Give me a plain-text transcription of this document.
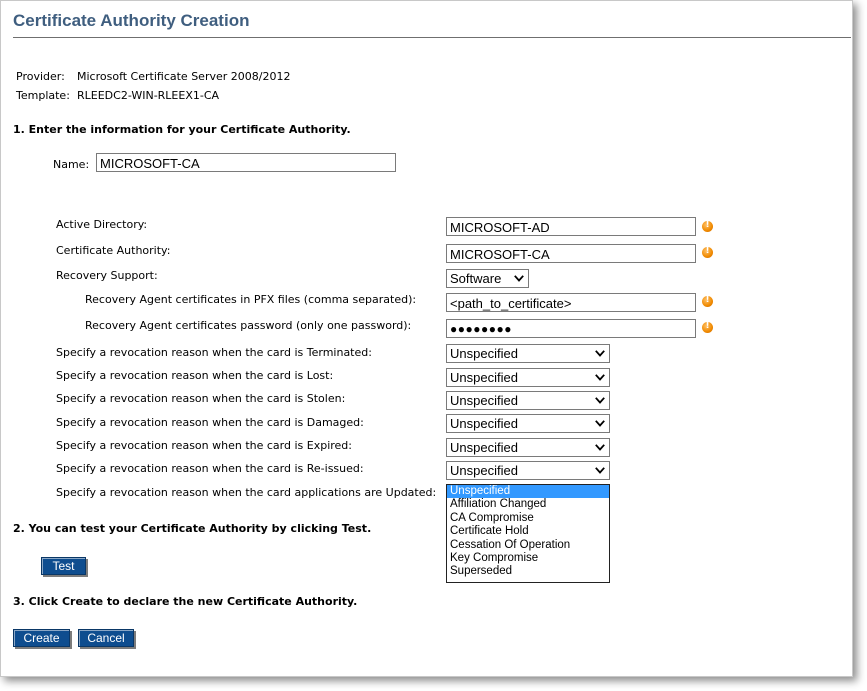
Certificate Authority Creation
Provider: Microsoft Certificate Server 2008/2012
Template: RLEEDC2-WIN-RLEEX1-CA
1. Enter the information for your Certificate Authority.
Name: MICROSOFT-CA
Active Directory:	MICROSOFT-AD
!
Certificate Authority:	MICROSOFT-CA
!
Recovery Support:	Software
Recovery Agent certificates in PFX files (comma separated):	<path_to_certificate>
!
Recovery Agent certificates password (only one password):	●●●●●●●●
!
Specify a revocation reason when the card is Terminated:	Unspecified
Specify a revocation reason when the card is Lost:	Unspecified
Specify a revocation reason when the card is Stolen:	Unspecified
Specify a revocation reason when the card is Damaged:	Unspecified
Specify a revocation reason when the card is Expired:	Unspecified
Specify a revocation reason when the card is Re-issued:	Unspecified
Specify a revocation reason when the card applications are Updated: Unspecified
Affiliation Changed
CA Compromise
Certificate Hold
Cessation Of Operation
Key Compromise
Superseded
2. You can test your Certificate Authority by clicking Test.
Test
3. Click Create to declare the new Certificate Authority.
Create	Cancel
